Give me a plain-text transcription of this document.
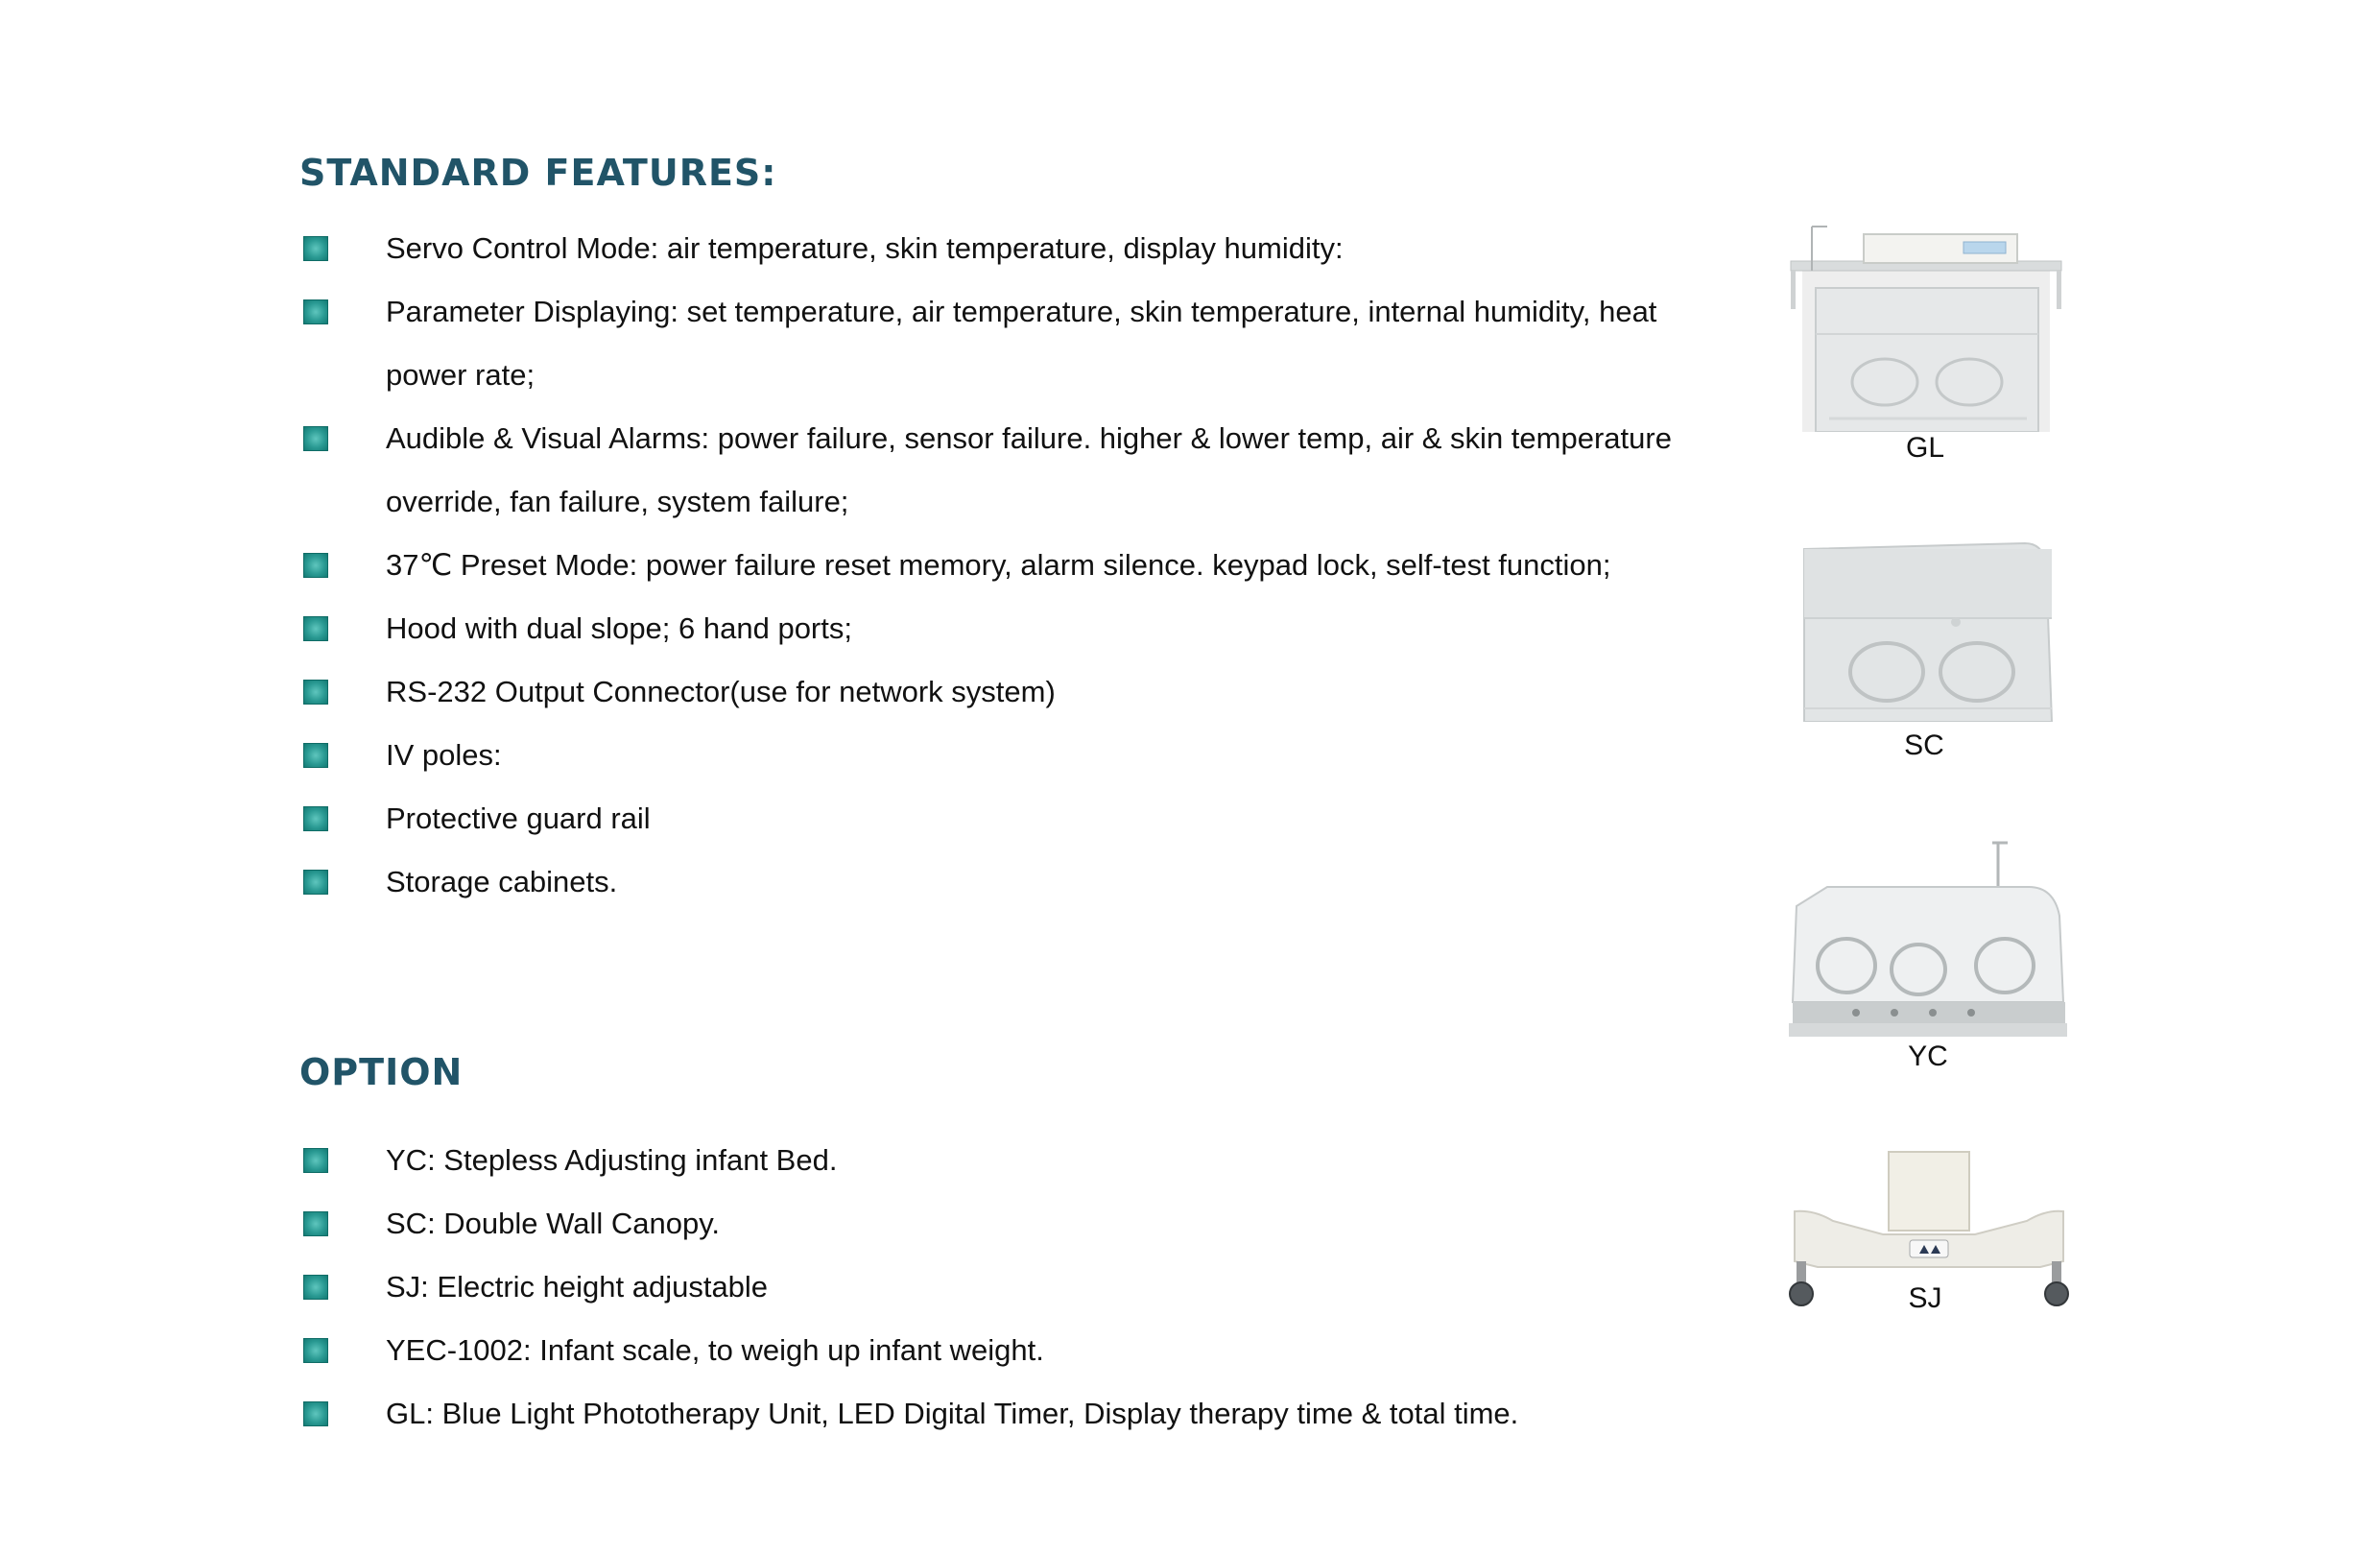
STANDARD FEATURES:
Servo Control Mode: air temperature, skin temperature, display humidity:
Parameter Displaying: set temperature, air temperature, skin temperature, internal humidity, heat power rate;
Audible & Visual Alarms: power failure, sensor failure. higher & lower temp, air & skin temperature override, fan failure, system failure;
37℃ Preset Mode: power failure reset memory, alarm silence. keypad lock, self-test function;
Hood with dual slope; 6 hand ports;
RS-232 Output Connector(use for network system)
IV poles:
Protective guard rail
Storage cabinets.
OPTION
YC: Stepless Adjusting infant Bed.
SC: Double Wall Canopy.
SJ: Electric height adjustable
YEC-1002: Infant scale, to weigh up infant weight.
GL: Blue Light Phototherapy Unit, LED Digital Timer, Display therapy time & total time.
GL
SC
YC
SJ
